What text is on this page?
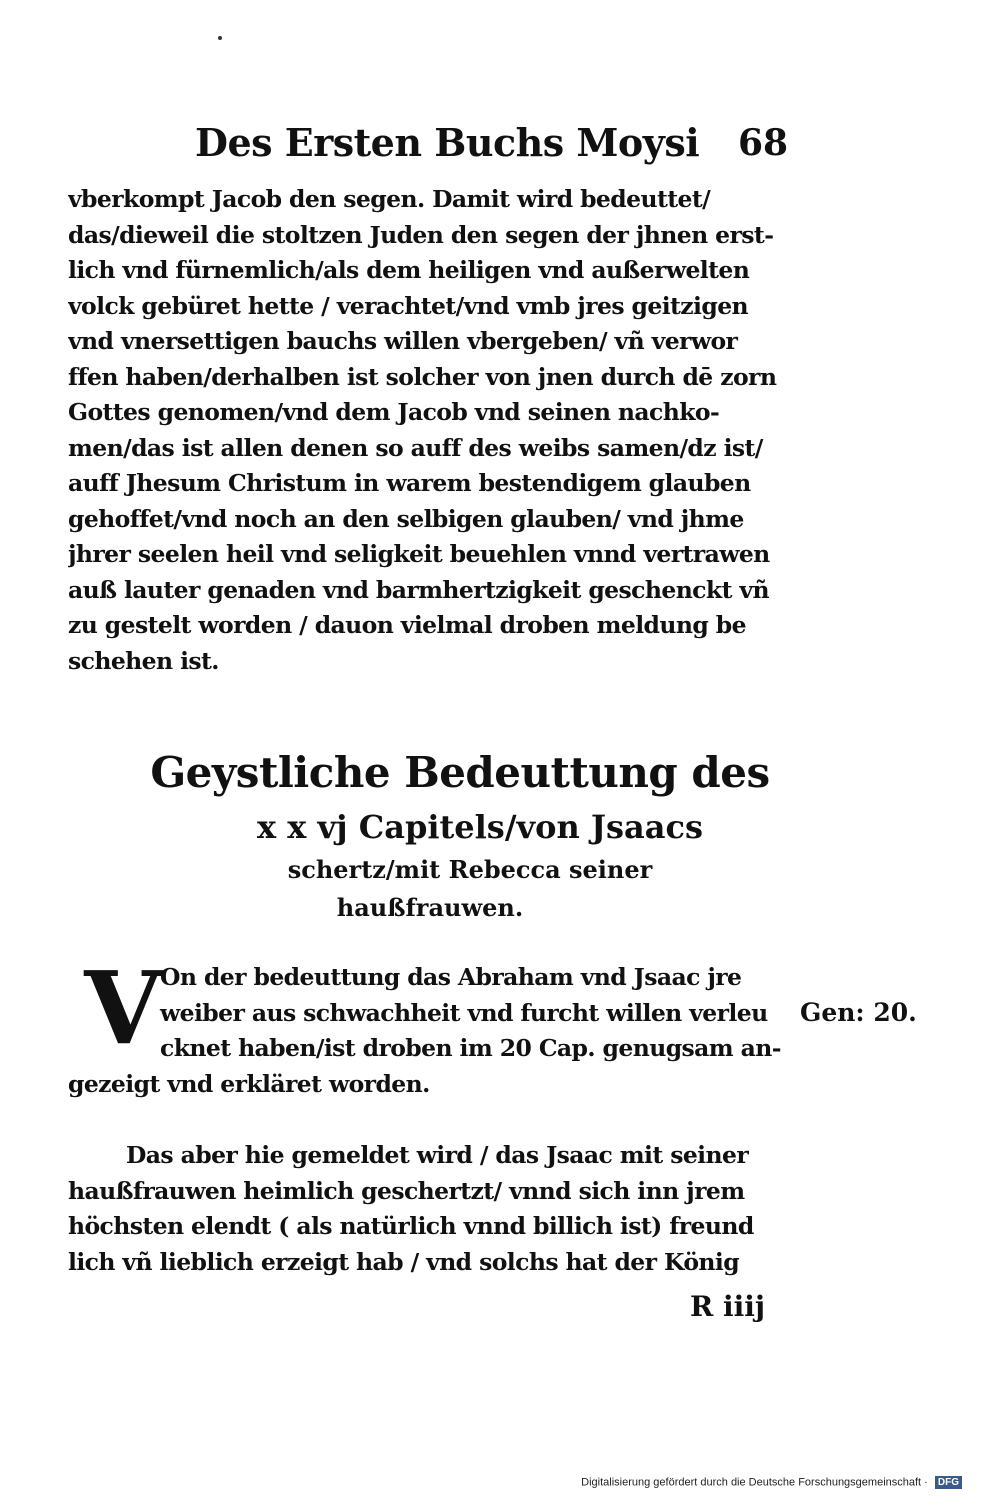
Des Ersten Buchs Moysi 68
vberkompt Jacob den segen. Damit wird bedeuttet/
das/dieweil die stoltzen Juden den segen der jhnen erst-
lich vnd fürnemlich/als dem heiligen vnd außerwelten
volck gebüret hette / verachtet/vnd vmb jres geitzigen
vnd vnersettigen bauchs willen vbergeben/ vñ verwor
ffen haben/derhalben ist solcher von jnen durch dē zorn
Gottes genomen/vnd dem Jacob vnd seinen nachko-
men/das ist allen denen so auff des weibs samen/dz ist/
auff Jhesum Christum in warem bestendigem glauben
gehoffet/vnd noch an den selbigen glauben/ vnd jhme
jhrer seelen heil vnd seligkeit beuehlen vnnd vertrawen
auß lauter genaden vnd barmhertzigkeit geschenckt vñ
zu gestelt worden / dauon vielmal droben meldung be
schehen ist.
Geystliche Bedeuttung des
x x vj Capitels/von Jsaacs
schertz/mit Rebecca seiner
haußfrauwen.
V
On der bedeuttung das Abraham vnd Jsaac jre
weiber aus schwachheit vnd furcht willen verleu
cknet haben/ist droben im 20 Cap. genugsam an-
gezeigt vnd erkläret worden.
Gen: 20.
Das aber hie gemeldet wird / das Jsaac mit seiner
haußfrauwen heimlich geschertzt/ vnnd sich inn jrem
höchsten elendt ( als natürlich vnnd billich ist) freund
lich vñ lieblich erzeigt hab / vnd solchs hat der König
R iiij
Digitalisierung gefördert durch die Deutsche Forschungsgemeinschaft · DFG
